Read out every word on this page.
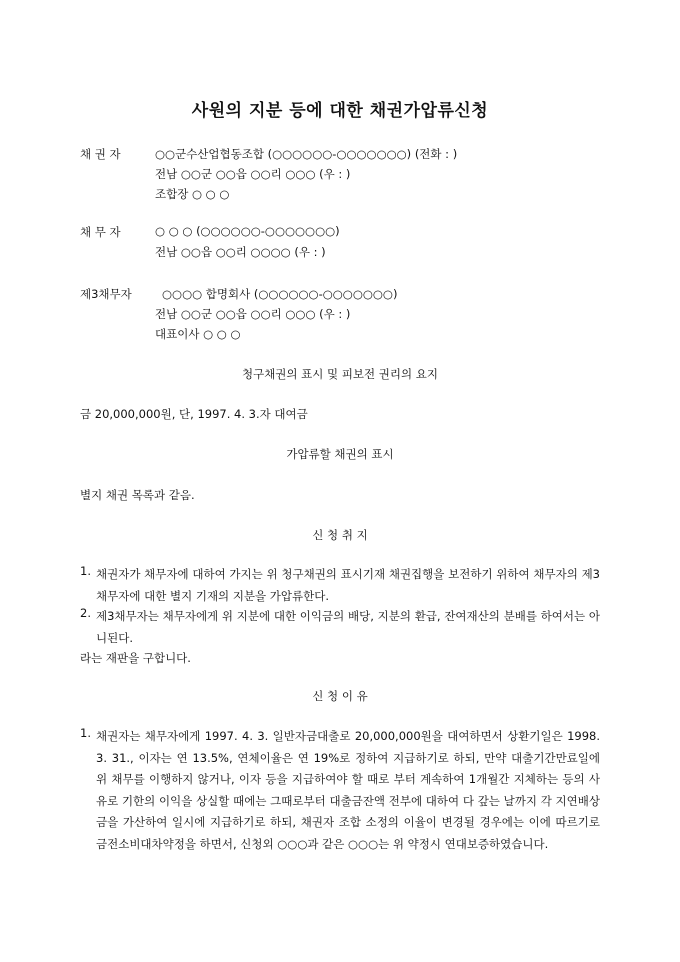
사원의 지분 등에 대한 채권가압류신청
채 권 자	○○군수산업협동조합 (○○○○○○-○○○○○○○) (전화 : )
전남 ○○군 ○○읍 ○○리 ○○○ (우 : )
조합장 ○ ○ ○
채 무 자	○ ○ ○ (○○○○○○-○○○○○○○)
전남 ○○읍 ○○리 ○○○○ (우 : )
제3채무자	○○○○ 합명회사 (○○○○○○-○○○○○○○)
전남 ○○군 ○○읍 ○○리 ○○○ (우 : )
대표이사 ○ ○ ○
청구채권의 표시 및 피보전 권리의 요지
금 20,000,000원, 단, 1997. 4. 3.자 대여금
가압류할 채권의 표시
별지 채권 목록과 같음.
신 청 취 지
1. 채권자가 채무자에 대하여 가지는 위 청구채권의 표시기재 채권집행을 보전하기 위하여 채무자의 제3채무자에 대한 별지 기재의 지분을 가압류한다.
2. 제3채무자는 채무자에게 위 지분에 대한 이익금의 배당, 지분의 환급, 잔여재산의 분배를 하여서는 아니된다.
라는 재판을 구합니다.
신 청 이 유
1. 채권자는 채무자에게 1997. 4. 3. 일반자금대출로 20,000,000원을 대여하면서 상환기일은 1998. 3. 31., 이자는 연 13.5%, 연체이율은 연 19%로 정하여 지급하기로 하되, 만약 대출기간만료일에 위 채무를 이행하지 않거나, 이자 등을 지급하여야 할 때로 부터 계속하여 1개월간 지체하는 등의 사유로 기한의 이익을 상실할 때에는 그때로부터 대출금잔액 전부에 대하여 다 갚는 날까지 각 지연배상금을 가산하여 일시에 지급하기로 하되, 채권자 조합 소정의 이율이 변경될 경우에는 이에 따르기로 금전소비대차약정을 하면서, 신청외 ○○○과 같은 ○○○는 위 약정시 연대보증하였습니다.
